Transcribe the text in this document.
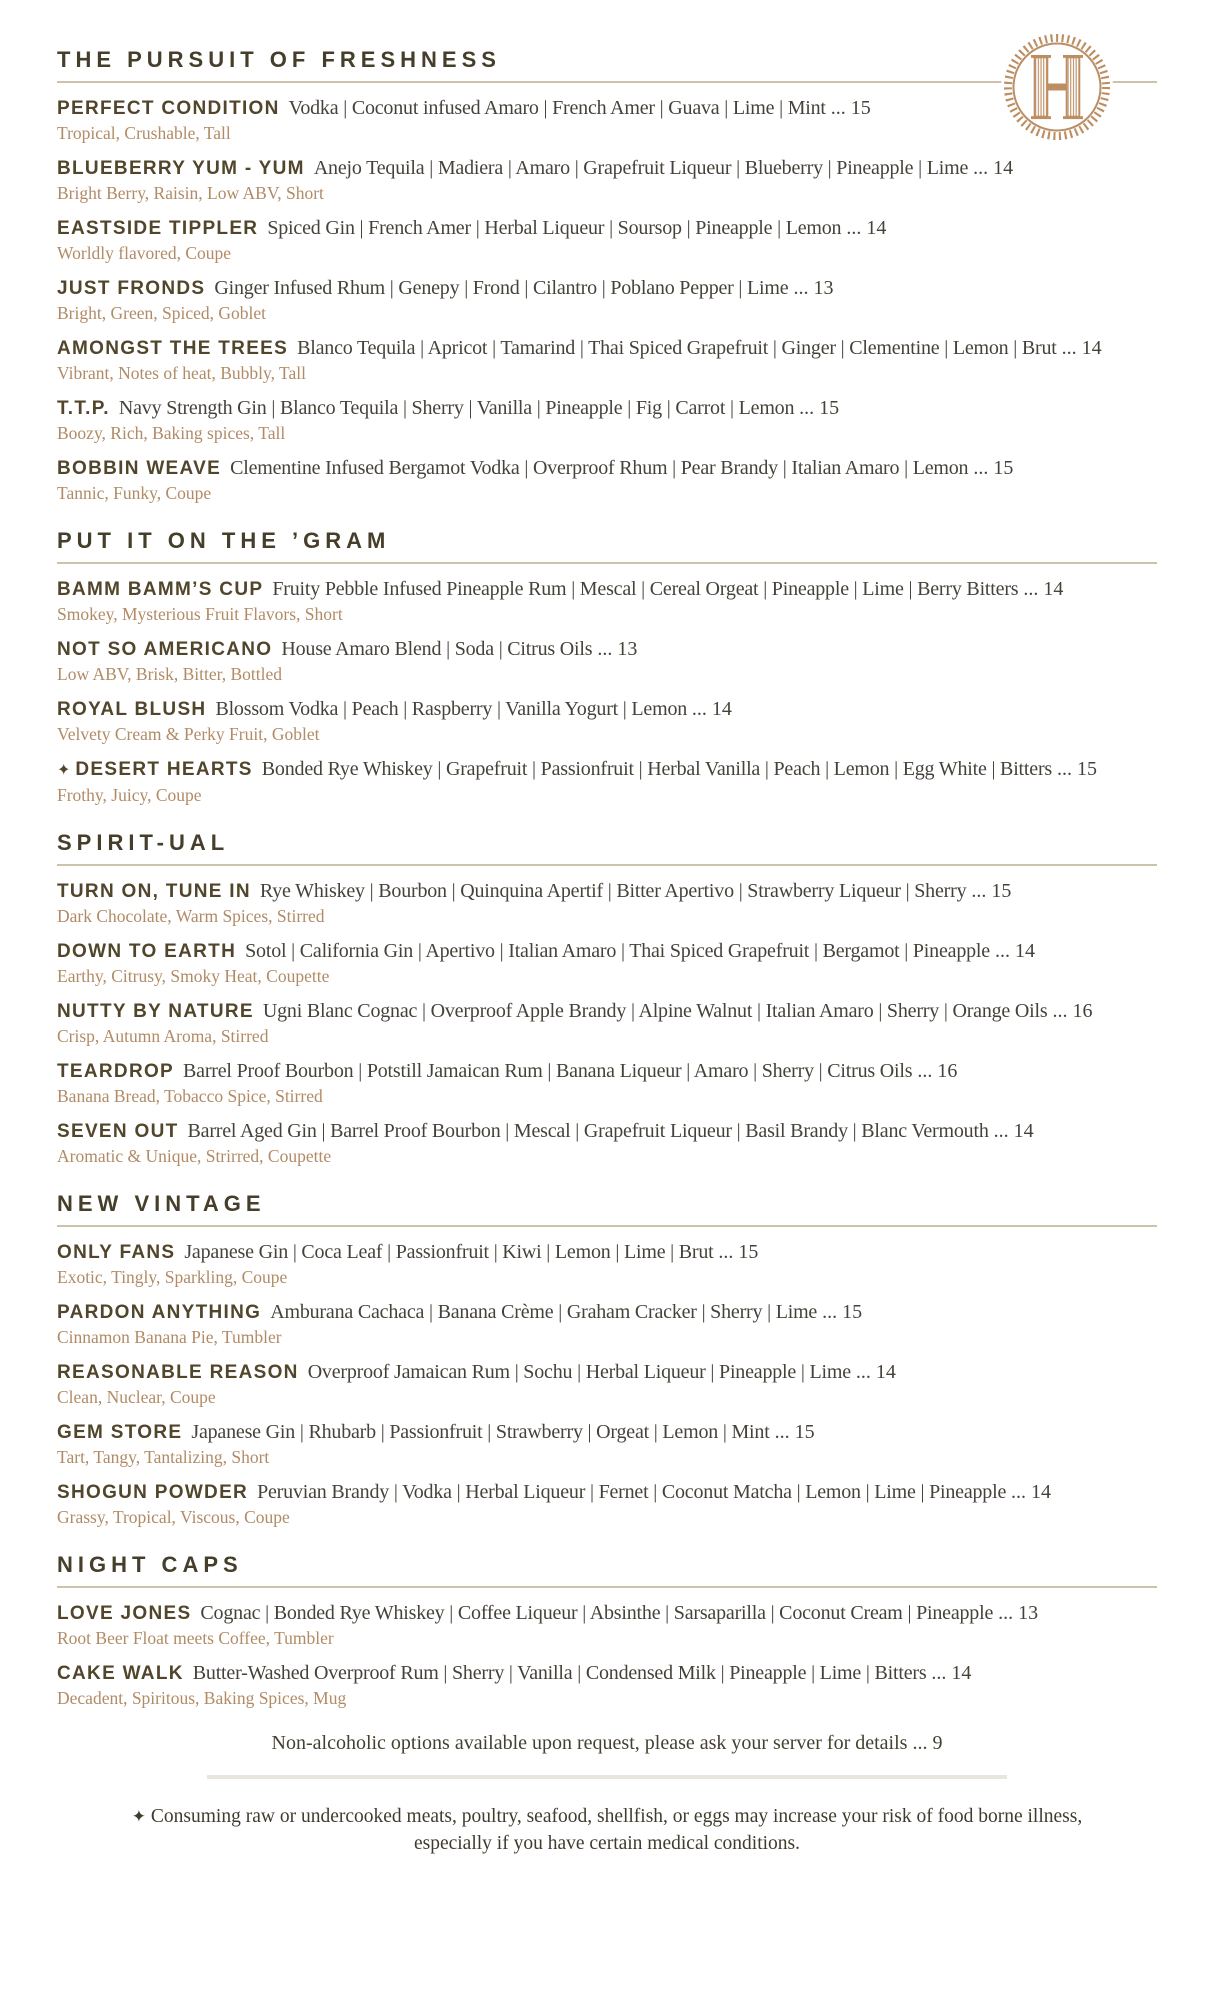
THE PURSUIT OF FRESHNESS

PERFECT CONDITION Vodka | Coconut infused Amaro | French Amer | Guava | Lime | Mint ... 15

Tropical, Crushable, Tall

BLUEBERRY YUM - YUM Anejo Tequila | Madiera | Amaro | Grapefruit Liqueur | Blueberry | Pineapple | Lime ... 14

Bright Berry, Raisin, Low ABV, Short

EASTSIDE TIPPLER Spiced Gin | French Amer | Herbal Liqueur | Soursop | Pineapple | Lemon ... 14

Worldly flavored, Coupe

JUST FRONDS Ginger Infused Rhum | Genepy | Frond | Cilantro | Poblano Pepper | Lime ... 13

Bright, Green, Spiced, Goblet

AMONGST THE TREES Blanco Tequila | Apricot | Tamarind | Thai Spiced Grapefruit | Ginger | Clementine | Lemon | Brut ... 14

Vibrant, Notes of heat, Bubbly, Tall

T.T.P. Navy Strength Gin | Blanco Tequila | Sherry | Vanilla | Pineapple | Fig | Carrot | Lemon ... 15

Boozy, Rich, Baking spices, Tall

BOBBIN WEAVE Clementine Infused Bergamot Vodka | Overproof Rhum | Pear Brandy | Italian Amaro | Lemon ... 15

Tannic, Funky, Coupe

PUT IT ON THE ’GRAM

BAMM BAMM’S CUP Fruity Pebble Infused Pineapple Rum | Mescal | Cereal Orgeat | Pineapple | Lime | Berry Bitters ... 14

Smokey, Mysterious Fruit Flavors, Short

NOT SO AMERICANO House Amaro Blend | Soda | Citrus Oils ... 13

Low ABV, Brisk, Bitter, Bottled

ROYAL BLUSH Blossom Vodka | Peach | Raspberry | Vanilla Yogurt | Lemon ... 14

Velvety Cream & Perky Fruit, Goblet

✦ DESERT HEARTS Bonded Rye Whiskey | Grapefruit | Passionfruit | Herbal Vanilla | Peach | Lemon | Egg White | Bitters ... 15

Frothy, Juicy, Coupe

SPIRIT-UAL

TURN ON, TUNE IN Rye Whiskey | Bourbon | Quinquina Apertif | Bitter Apertivo | Strawberry Liqueur | Sherry ... 15

Dark Chocolate, Warm Spices, Stirred

DOWN TO EARTH Sotol | California Gin | Apertivo | Italian Amaro | Thai Spiced Grapefruit | Bergamot | Pineapple ... 14

Earthy, Citrusy, Smoky Heat, Coupette

NUTTY BY NATURE Ugni Blanc Cognac | Overproof Apple Brandy | Alpine Walnut | Italian Amaro | Sherry | Orange Oils ... 16

Crisp, Autumn Aroma, Stirred

TEARDROP Barrel Proof Bourbon | Potstill Jamaican Rum | Banana Liqueur | Amaro | Sherry | Citrus Oils ... 16

Banana Bread, Tobacco Spice, Stirred

SEVEN OUT Barrel Aged Gin | Barrel Proof Bourbon | Mescal | Grapefruit Liqueur | Basil Brandy | Blanc Vermouth ... 14

Aromatic & Unique, Strirred, Coupette

NEW VINTAGE

ONLY FANS Japanese Gin | Coca Leaf | Passionfruit | Kiwi | Lemon | Lime | Brut ... 15

Exotic, Tingly, Sparkling, Coupe

PARDON ANYTHING Amburana Cachaca | Banana Crème | Graham Cracker | Sherry | Lime ... 15

Cinnamon Banana Pie, Tumbler

REASONABLE REASON Overproof Jamaican Rum | Sochu | Herbal Liqueur | Pineapple | Lime ... 14

Clean, Nuclear, Coupe

GEM STORE Japanese Gin | Rhubarb | Passionfruit | Strawberry | Orgeat | Lemon | Mint ... 15

Tart, Tangy, Tantalizing, Short

SHOGUN POWDER Peruvian Brandy | Vodka | Herbal Liqueur | Fernet | Coconut Matcha | Lemon | Lime | Pineapple ... 14

Grassy, Tropical, Viscous, Coupe

NIGHT CAPS

LOVE JONES Cognac | Bonded Rye Whiskey | Coffee Liqueur | Absinthe | Sarsaparilla | Coconut Cream | Pineapple ... 13

Root Beer Float meets Coffee, Tumbler

CAKE WALK Butter-Washed Overproof Rum | Sherry | Vanilla | Condensed Milk | Pineapple | Lime | Bitters ... 14

Decadent, Spiritous, Baking Spices, Mug

Non-alcoholic options available upon request, please ask your server for details ... 9

✦ Consuming raw or undercooked meats, poultry, seafood, shellfish, or eggs may increase your risk of food borne illness, especially if you have certain medical conditions.
